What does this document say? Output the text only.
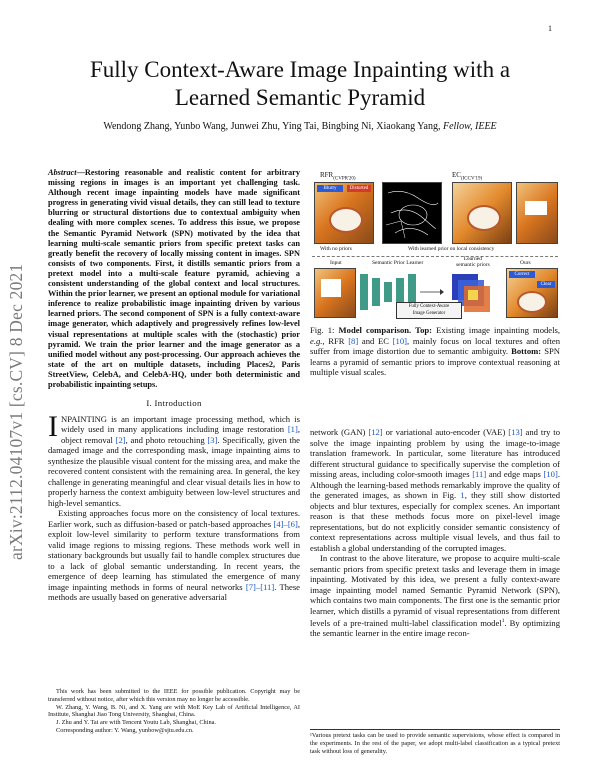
1
arXiv:2112.04107v1 [cs.CV] 8 Dec 2021
Fully Context-Aware Image Inpainting with a
Learned Semantic Pyramid
Wendong Zhang, Yunbo Wang, Junwei Zhu, Ying Tai, Bingbing Ni, Xiaokang Yang, Fellow, IEEE
Abstract—Restoring reasonable and realistic content for arbitrary missing regions in images is an important yet challenging task. Although recent image inpainting models have made significant progress in generating vivid visual details, they can still lead to texture blurring or structural distortions due to contextual ambiguity when dealing with more complex scenes. To address this issue, we propose the Semantic Pyramid Network (SPN) motivated by the idea that learning multi-scale semantic priors from specific pretext tasks can greatly benefit the recovery of locally missing content in images. SPN consists of two components. First, it distills semantic priors from a pretext model into a multi-scale feature pyramid, achieving a consistent understanding of the global context and local structures. Within the prior learner, we present an optional module for variational inference to realize probabilistic image inpainting driven by various learned priors. The second component of SPN is a fully context-aware image generator, which adaptively and progressively refines low-level visual representations at multiple scales with the (stochastic) prior pyramid. We train the prior learner and the image generator as a unified model without any post-processing. Our approach achieves the state of the art on multiple datasets, including Places2, Paris StreetView, CelebA, and CelebA-HQ, under both deterministic and probabilistic inpainting setups.
I. Introduction

INPAINTING is an important image processing method, which is widely used in many applications including image restoration [1], object removal [2], and photo retouching [3]. Specifically, given the damaged image and the corresponding mask, image inpainting aims to synthesize the plausible visual content for the missing area, and make the recovered content consistent with the remaining area. In general, the key challenge in generating meaningful and clear visual details lies in how to properly harness the context ambiguity between low-level structures and high-level semantics.

Existing approaches focus more on the consistency of local textures. Earlier work, such as diffusion-based or patch-based approaches [4]–[6], exploit low-level similarity to perform texture transformations from valid image regions to missing regions. These methods work well in stationary backgrounds but usually fail to handle complex structures due to a lack of global semantic understanding. In recent years, the emergence of deep learning has stimulated the emergence of many image inpainting methods in forms of neural networks [7]–[11]. These methods are usually based on generative adversarial

This work has been submitted to the IEEE for possible publication. Copyright may be transferred without notice, after which this version may no longer be accessible.

W. Zhang, Y. Wang, B. Ni, and X. Yang are with MoE Key Lab of Artificial Intelligence, AI Institute, Shanghai Jiao Tong University, Shanghai, China.

J. Zhu and Y. Tai are with Tencent Youtu Lab, Shanghai, China.

Corresponding author: Y. Wang, yunbow@sjtu.edu.cn.

$RFR_{(CVPR'20)}$	$EC_{(ICCV'19)}$
Blurry	Distorted
With no priors	With learned prior on local consistency
Input	Semantic Prior Learner
Learned
semantic priors	Ours
Fully Context-Aware
Image Generator
Correct
Clear
Fig. 1: Model comparison. Top: Existing image inpainting models, e.g., RFR [8] and EC [10], mainly focus on local textures and often suffer from image distortion due to semantic ambiguity. Bottom: SPN learns a pyramid of semantic priors to improve contextual reasoning at multiple visual scales.

network (GAN) [12] or variational auto-encoder (VAE) [13] and try to solve the image inpainting problem by using the image-to-image translation framework. In particular, some literature has introduced different structural guidance to specifically supervise the completion of missing areas, including color-smooth images [11] and edge maps [10]. Although the learning-based methods remarkably improve the quality of the generated images, as shown in Fig. 1, they still show distorted objects and blur textures, especially for complex scenes. An important reason is that these methods focus more on pixel-level image representations, but do not explicitly consider semantic consistency of context representations across multiple visual levels, and thus fail to establish a global understanding of the corrupted images.

In contrast to the above literature, we propose to acquire multi-scale semantic priors from specific pretext tasks and leverage them in image inpainting. Motivated by this idea, we present a fully context-aware image inpainting model named Semantic Pyramid Network (SPN), which contains two main components. The first one is the semantic prior learner, which distills a pyramid of visual representations from different levels of a pre-trained multi-label classification model$^1$. By optimizing the semantic learner in the entire image recon-

¹Various pretext tasks can be used to provide semantic supervisions, whose effect is compared in the experiments. In the rest of the paper, we adopt multi-label classification as a typical pretext task without loss of generality.
